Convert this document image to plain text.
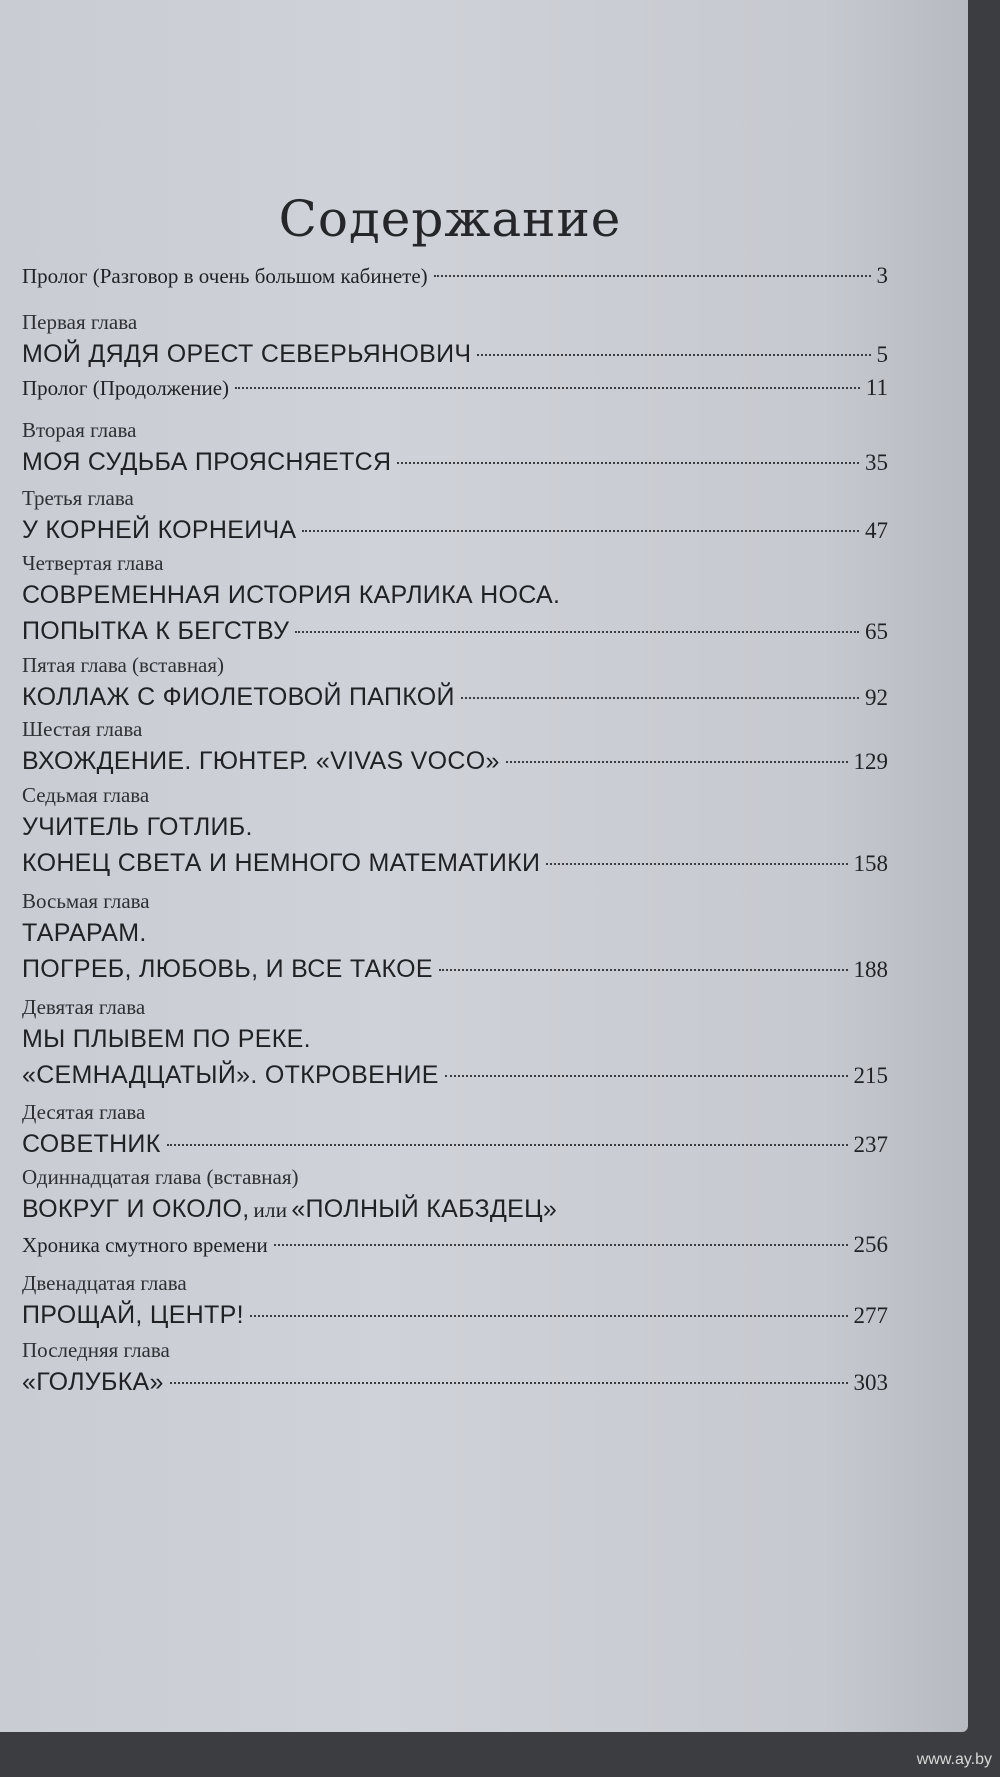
Содержание
Пролог (Разговор в очень большом кабинете)	3
Первая глава
МОЙ ДЯДЯ ОРЕСТ СЕВЕРЬЯНОВИЧ	5
Пролог (Продолжение)	11
Вторая глава
МОЯ СУДЬБА ПРОЯСНЯЕТСЯ	35
Третья глава
У КОРНЕЙ КОРНЕИЧА	47
Четвертая глава
СОВРЕМЕННАЯ ИСТОРИЯ КАРЛИКА НОСА.
ПОПЫТКА К БЕГСТВУ	65
Пятая глава (вставная)
КОЛЛАЖ С ФИОЛЕТОВОЙ ПАПКОЙ	92
Шестая глава
ВХОЖДЕНИЕ. ГЮНТЕР. «VIVAS VOCO»	129
Седьмая глава
УЧИТЕЛЬ ГОТЛИБ.
КОНЕЦ СВЕТА И НЕМНОГО МАТЕМАТИКИ	158
Восьмая глава
ТАРАРАМ.
ПОГРЕБ, ЛЮБОВЬ, И ВСЕ ТАКОЕ	188
Девятая глава
МЫ ПЛЫВЕМ ПО РЕКЕ.
«СЕМНАДЦАТЫЙ». ОТКРОВЕНИЕ	215
Десятая глава
СОВЕТНИК	237
Одиннадцатая глава (вставная)
ВОКРУГ И ОКОЛО, или «ПОЛНЫЙ КАБЗДЕЦ»
Хроника смутного времени	256
Двенадцатая глава
ПРОЩАЙ, ЦЕНТР!	277
Последняя глава
«ГОЛУБКА»	303
www.ay.by
